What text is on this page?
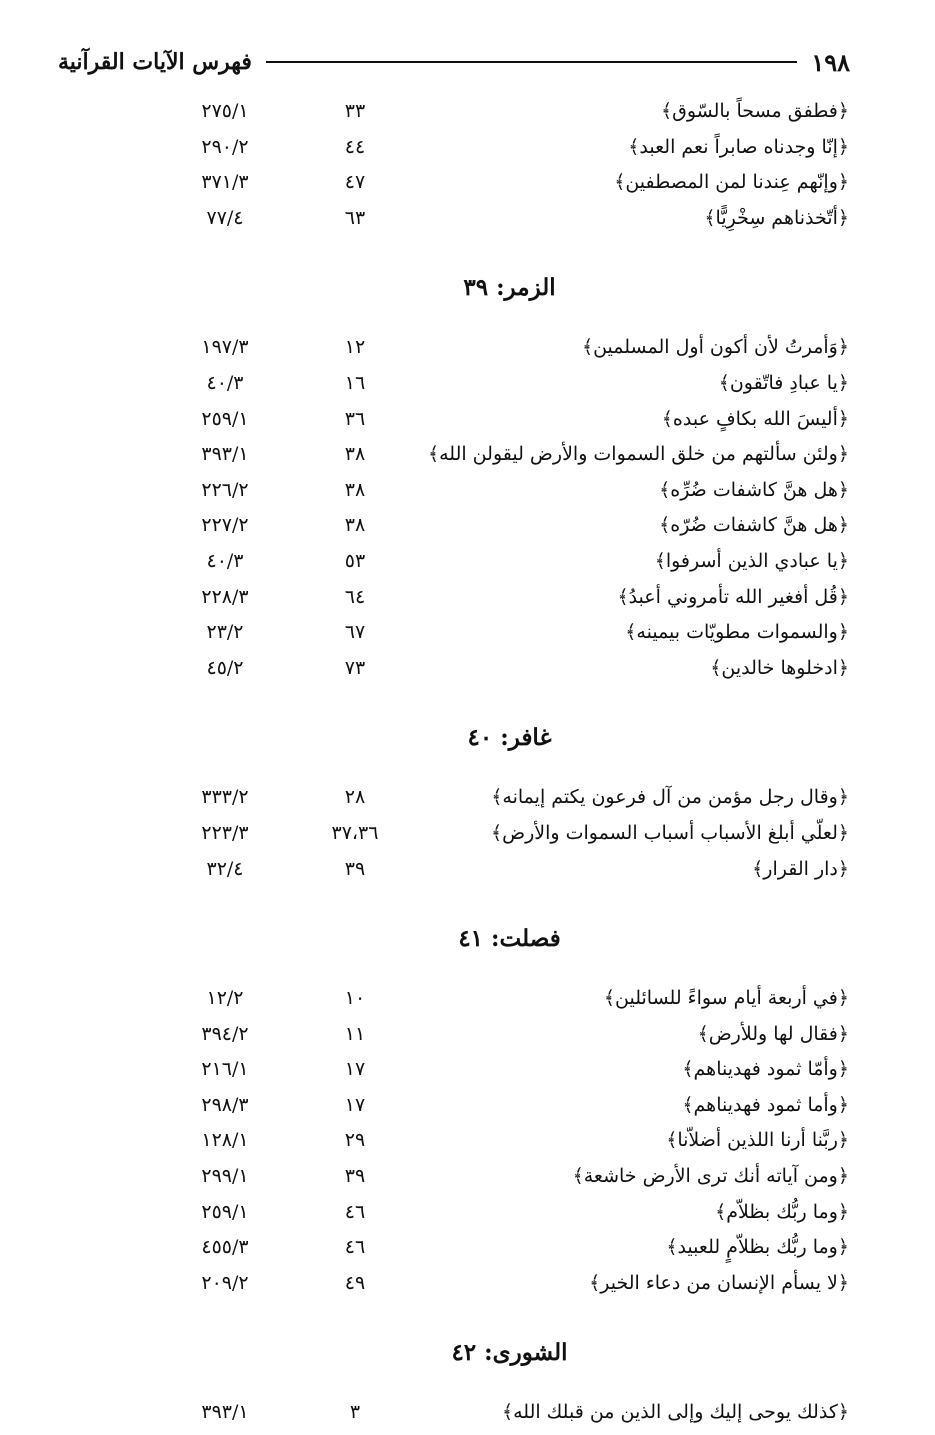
١٩٨
فهرس الآيات القرآنية
﴿فطفق مسحاً بالسّوق﴾
٣٣
٢٧٥/١
﴿إنّا وجدناه صابراً نعم العبد﴾
٤٤
٢٩٠/٢
﴿وإنّهم عِندنا لمن المصطفين﴾
٤٧
٣٧١/٣
﴿أتّخذناهم سِخْرِيًّا﴾
٦٣
٧٧/٤
الزمر: ٣٩
﴿وَأمرتُ لأن أكون أول المسلمين﴾
١٢
١٩٧/٣
﴿يا عبادِ فاتّقون﴾
١٦
٤٠/٣
﴿أليسَ الله بكافٍ عبده﴾
٣٦
٢٥٩/١
﴿ولئن سألتهم من خلق السموات والأرض ليقولن الله﴾
٣٨
٣٩٣/١
﴿هل هنَّ كاشفات ضُرِّه﴾
٣٨
٢٢٦/٢
﴿هل هنَّ كاشفات ضُرّه﴾
٣٨
٢٢٧/٢
﴿يا عبادي الذين أسرفوا﴾
٥٣
٤٠/٣
﴿قُل أفغير الله تأمروني أعبدُ﴾
٦٤
٢٢٨/٣
﴿والسموات مطويّات بيمينه﴾
٦٧
٢٣/٢
﴿ادخلوها خالدين﴾
٧٣
٤٥/٢
غافر: ٤٠
﴿وقال رجل مؤمن من آل فرعون يكتم إيمانه﴾
٢٨
٣٣٣/٢
﴿لعلّي أبلغ الأسباب أسباب السموات والأرض﴾
٣٧،٣٦
٢٢٣/٣
﴿دار القرار﴾
٣٩
٣٢/٤
فصلت: ٤١
﴿في أربعة أيام سواءً للسائلين﴾
١٠
١٢/٢
﴿فقال لها وللأرض﴾
١١
٣٩٤/٢
﴿وأمّا ثمود فهديناهم﴾
١٧
٢١٦/١
﴿وأما ثمود فهديناهم﴾
١٧
٢٩٨/٣
﴿ربَّنا أرنا اللذين أضلاّنا﴾
٢٩
١٢٨/١
﴿ومن آياته أنك ترى الأرض خاشعة﴾
٣٩
٢٩٩/١
﴿وما ربُّك بظلاّم﴾
٤٦
٢٥٩/١
﴿وما ربُّك بظلاّمٍ للعبيد﴾
٤٦
٤٥٥/٣
﴿لا يسأم الإنسان من دعاء الخير﴾
٤٩
٢٠٩/٢
الشورى: ٤٢
﴿كذلك يوحى إليك وإلى الذين من قبلك الله﴾
٣
٣٩٣/١
